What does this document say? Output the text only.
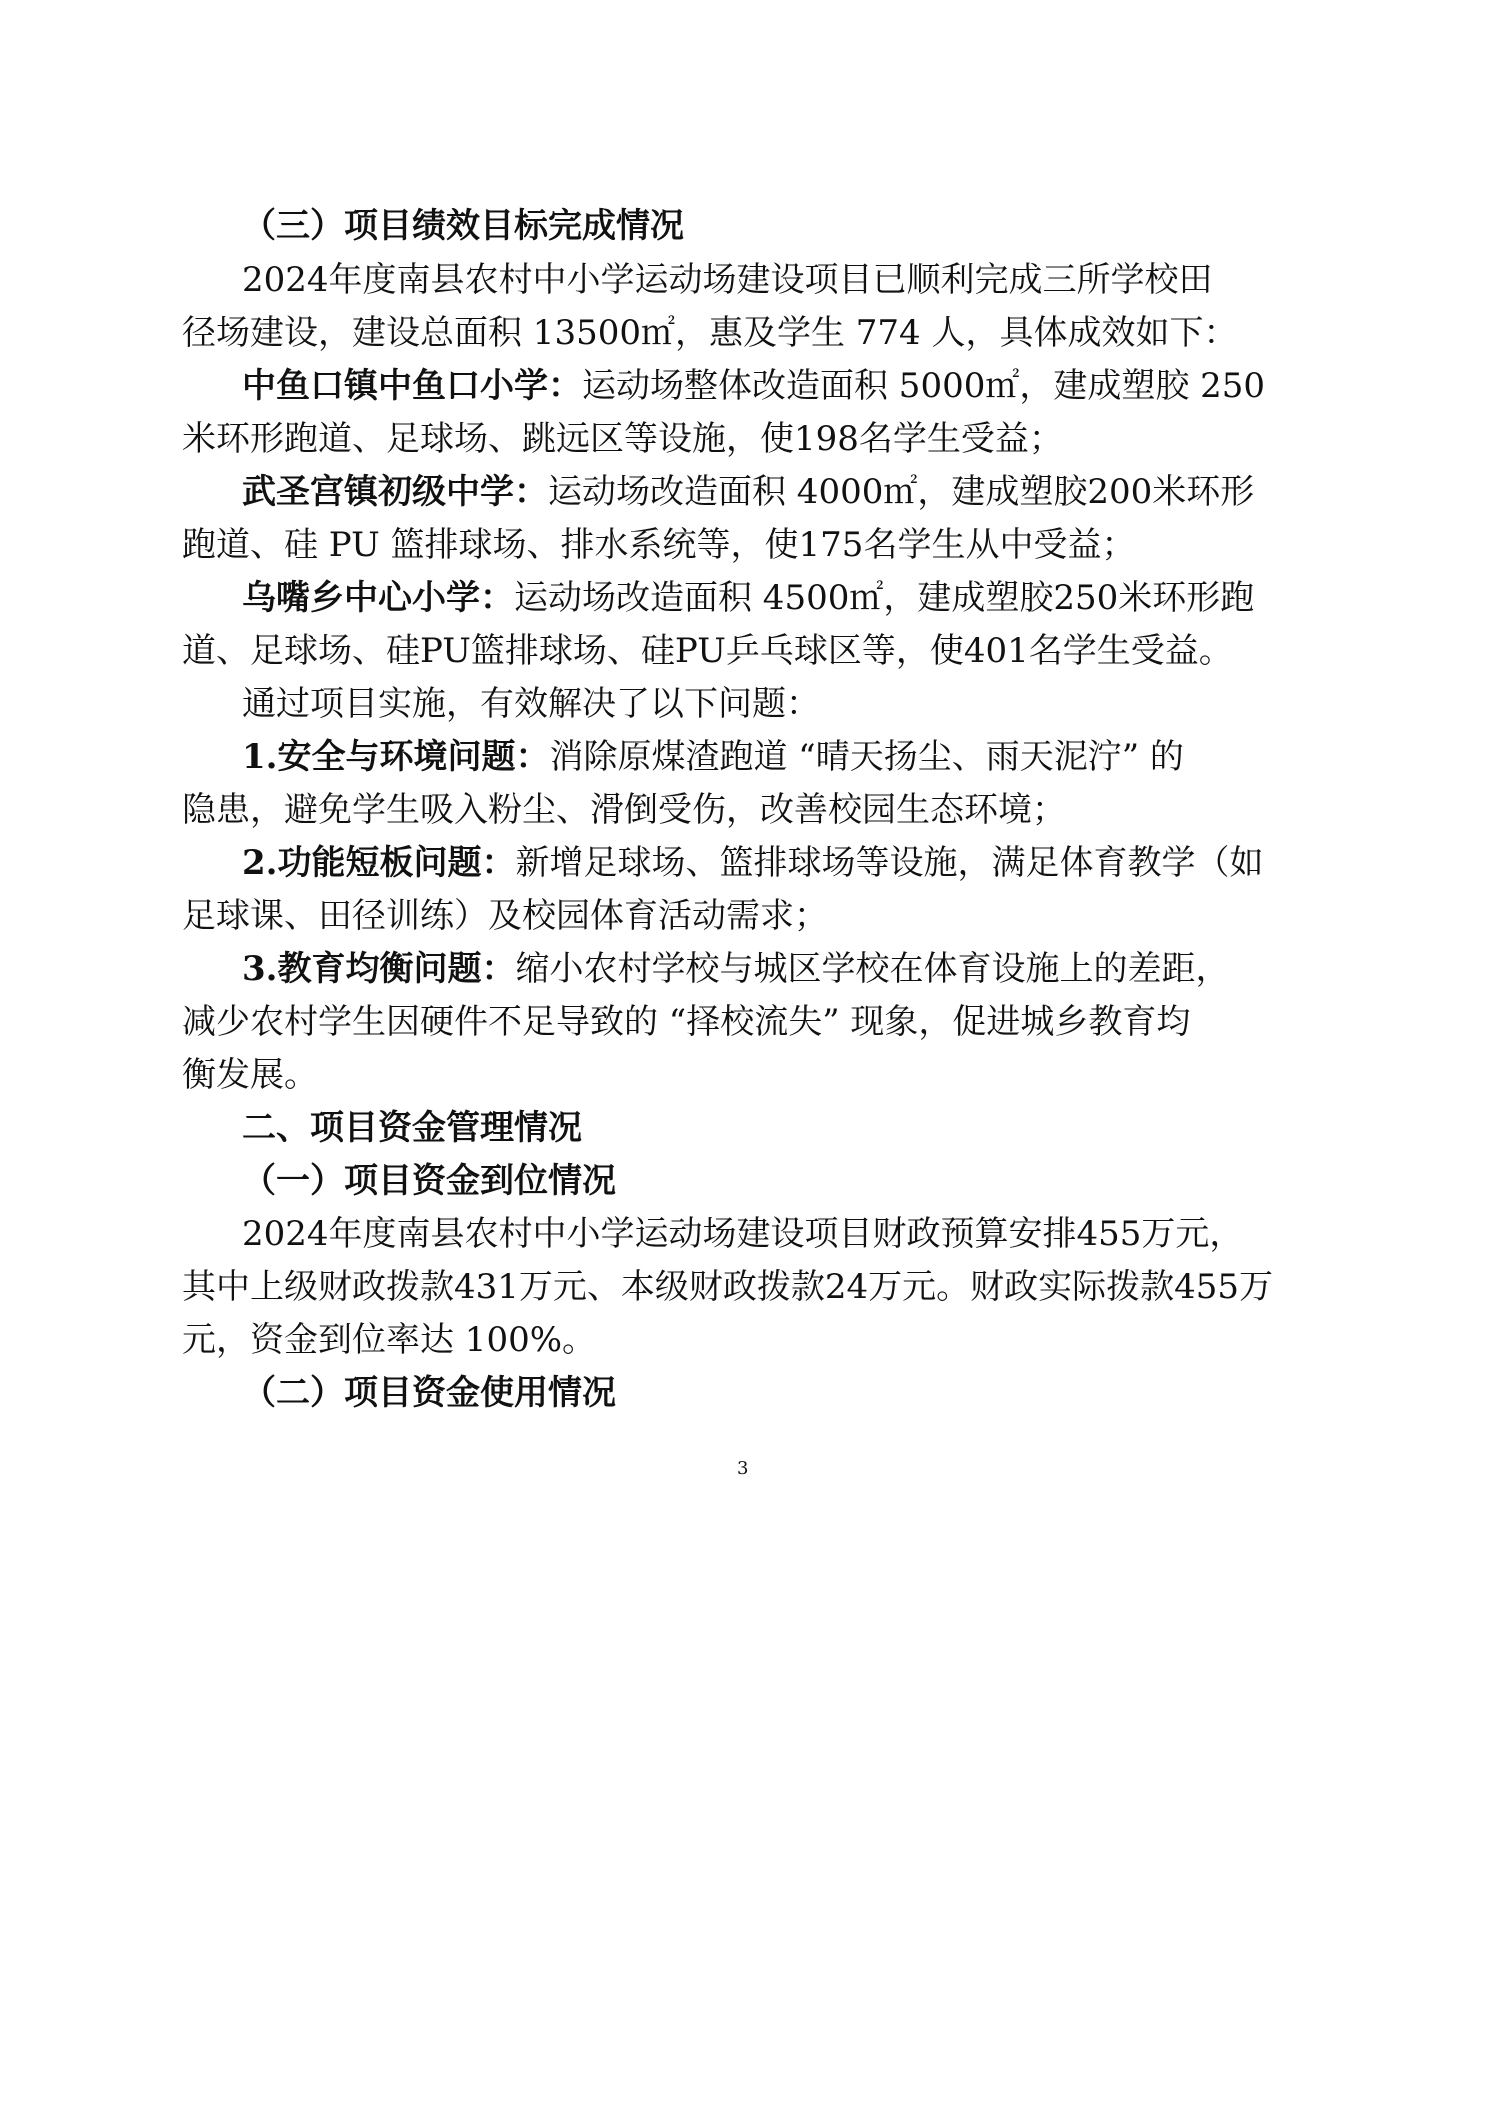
（三）项目绩效目标完成情况
2024年度南县农村中小学运动场建设项目已顺利完成三所学校田
径场建设，建设总面积 13500㎡，惠及学生 774 人，具体成效如下：
中鱼口镇中鱼口小学：运动场整体改造面积 5000㎡，建成塑胶 250
米环形跑道、足球场、跳远区等设施，使198名学生受益；
武圣宫镇初级中学：运动场改造面积 4000㎡，建成塑胶200米环形
跑道、硅 PU 篮排球场、排水系统等，使175名学生从中受益；
乌嘴乡中心小学：运动场改造面积 4500㎡，建成塑胶250米环形跑
道、足球场、硅PU篮排球场、硅PU乒乓球区等，使401名学生受益。
通过项目实施，有效解决了以下问题：
1.安全与环境问题：消除原煤渣跑道 “晴天扬尘、雨天泥泞” 的
隐患，避免学生吸入粉尘、滑倒受伤，改善校园生态环境；
2.功能短板问题：新增足球场、篮排球场等设施，满足体育教学（如
足球课、田径训练）及校园体育活动需求；
3.教育均衡问题：缩小农村学校与城区学校在体育设施上的差距，
减少农村学生因硬件不足导致的 “择校流失” 现象，促进城乡教育均
衡发展。
二、项目资金管理情况
（一）项目资金到位情况
2024年度南县农村中小学运动场建设项目财政预算安排455万元，
其中上级财政拨款431万元、本级财政拨款24万元。财政实际拨款455万
元，资金到位率达 100%。
（二）项目资金使用情况
3
